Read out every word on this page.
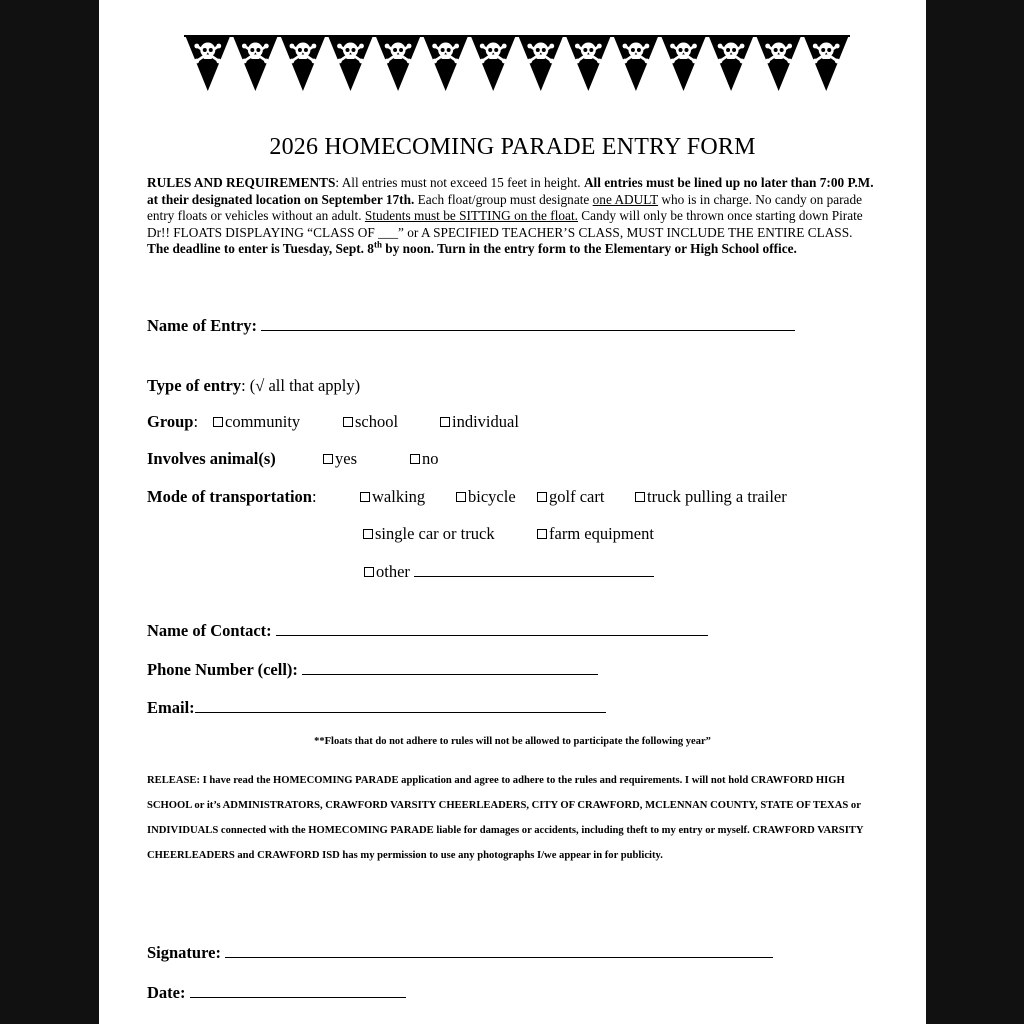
2026 HOMECOMING PARADE ENTRY FORM
RULES AND REQUIREMENTS: All entries must not exceed 15 feet in height. All entries must be lined up no later than 7:00 P.M. at their designated location on September 17th. Each float/group must designate one ADULT who is in charge. No candy on parade entry floats or vehicles without an adult. Students must be SITTING on the float. Candy will only be thrown once starting down Pirate Dr!! FLOATS DISPLAYING “CLASS OF ___” or A SPECIFIED TEACHER’S CLASS, MUST INCLUDE THE ENTIRE CLASS. The deadline to enter is Tuesday, Sept. 8th by noon. Turn in the entry form to the Elementary or High School office.
Name of Entry:
Type of entry: (√ all that apply)
Group:	community	school	individual
Involves animal(s)	yes	no
Mode of transportation:	walking	bicycle	golf cart	truck pulling a trailer
single car or truck	farm equipment
other
Name of Contact:
Phone Number (cell):
Email:
**Floats that do not adhere to rules will not be allowed to participate the following year”
RELEASE: I have read the HOMECOMING PARADE application and agree to adhere to the rules and requirements. I will not hold CRAWFORD HIGH SCHOOL or it’s ADMINISTRATORS, CRAWFORD VARSITY CHEERLEADERS, CITY OF CRAWFORD, MCLENNAN COUNTY, STATE OF TEXAS or INDIVIDUALS connected with the HOMECOMING PARADE liable for damages or accidents, including theft to my entry or myself. CRAWFORD VARSITY CHEERLEADERS and CRAWFORD ISD has my permission to use any photographs I/we appear in for publicity.
Signature:
Date:
